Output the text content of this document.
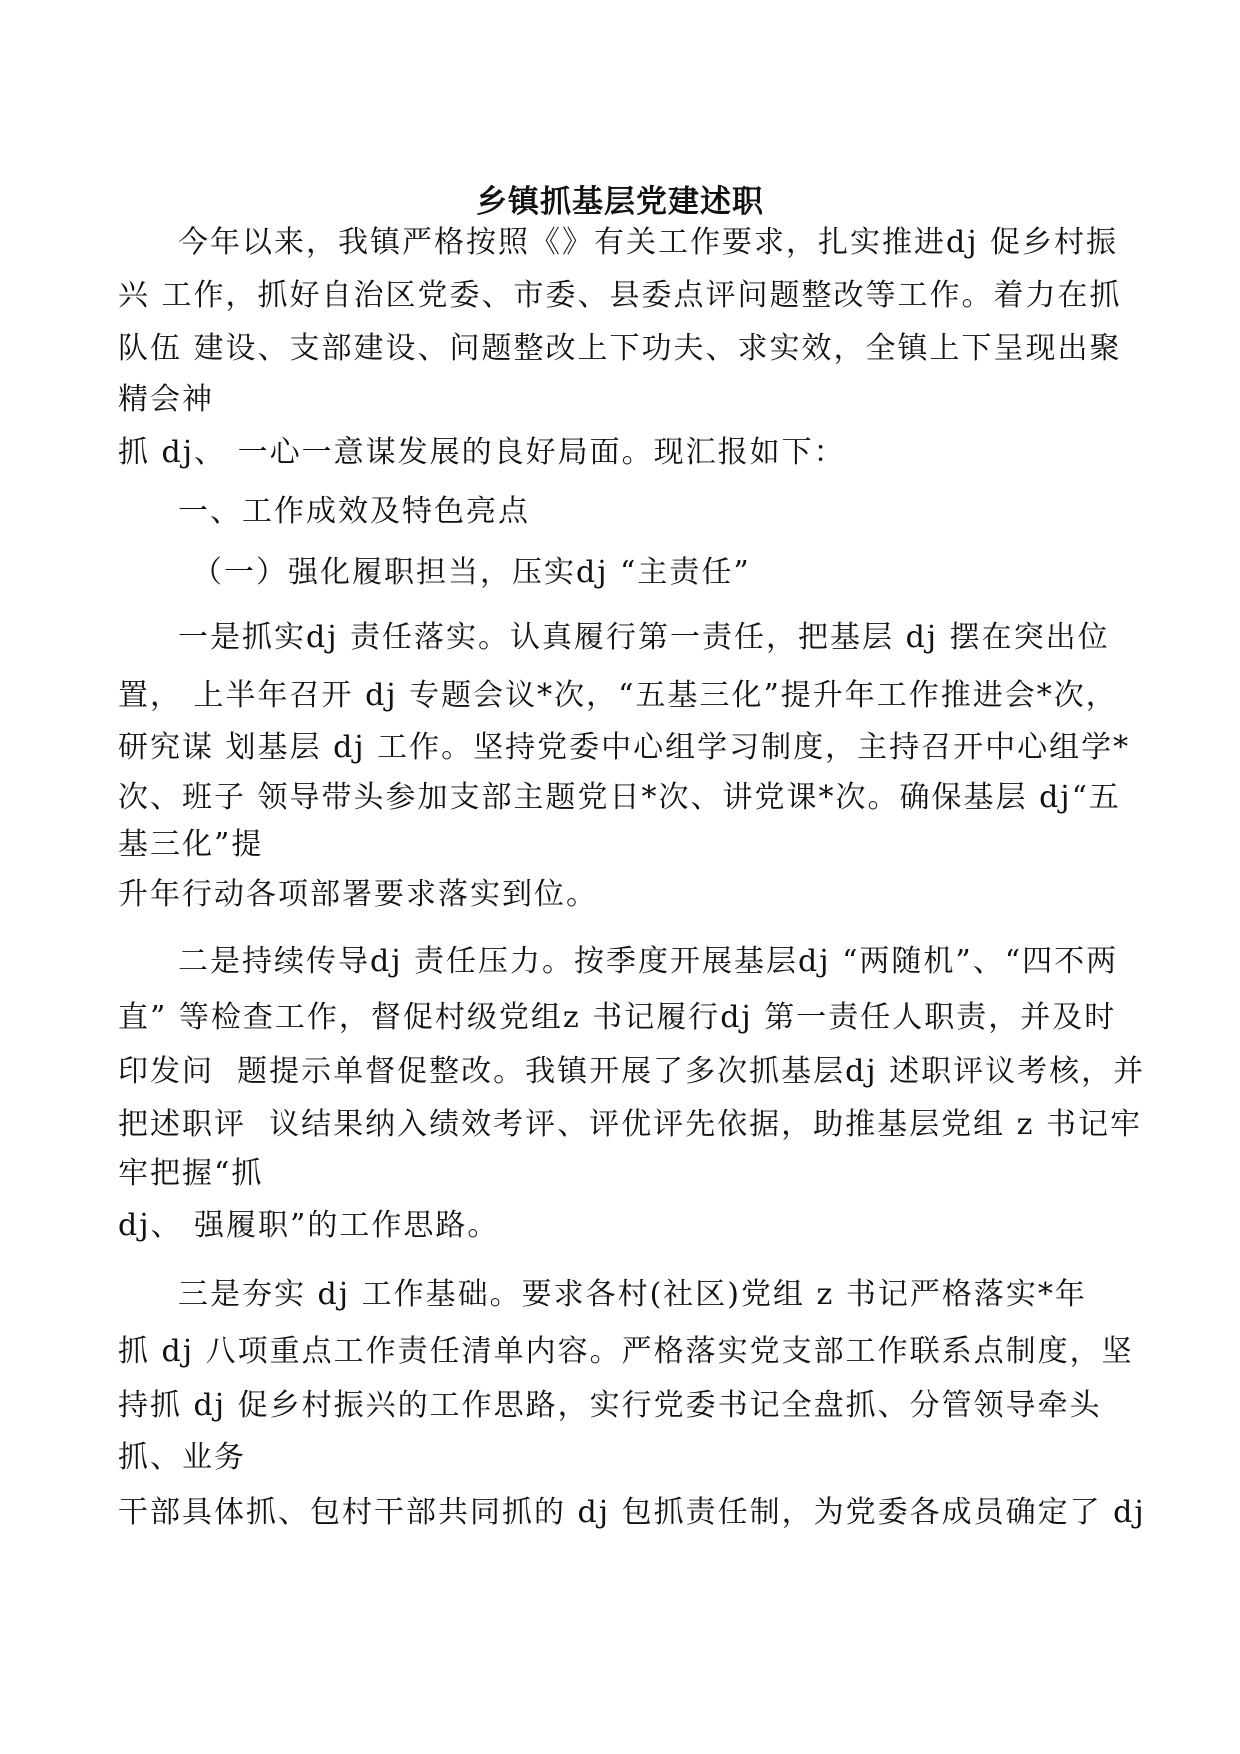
乡镇抓基层党建述职
今年以来，我镇严格按照《》有关工作要求，扎实推进dj 促乡村振
兴 工作，抓好自治区党委、市委、县委点评问题整改等工作。着力在抓
队伍 建设、支部建设、问题整改上下功夫、求实效，全镇上下呈现出聚
精会神
抓 dj、 一心一意谋发展的良好局面。现汇报如下：
一、工作成效及特色亮点
（一）强化履职担当，压实dj “主责任”
一是抓实dj 责任落实。认真履行第一责任，把基层 dj 摆在突出位
置， 上半年召开 dj 专题会议*次，“五基三化”提升年工作推进会*次，
研究谋 划基层 dj 工作。坚持党委中心组学习制度，主持召开中心组学*
次、班子 领导带头参加支部主题党日*次、讲党课*次。确保基层 dj“五
基三化”提
升年行动各项部署要求落实到位。
二是持续传导dj 责任压力。按季度开展基层dj “两随机”、“四不两
直” 等检查工作，督促村级党组z 书记履行dj 第一责任人职责，并及时
印发问  题提示单督促整改。我镇开展了多次抓基层dj 述职评议考核，并
把述职评  议结果纳入绩效考评、评优评先依据，助推基层党组 z 书记牢
牢把握“抓
dj、 强履职”的工作思路。
三是夯实 dj 工作基础。要求各村(社区)党组 z 书记严格落实*年
抓 dj 八项重点工作责任清单内容。严格落实党支部工作联系点制度，坚
持抓 dj 促乡村振兴的工作思路，实行党委书记全盘抓、分管领导牵头
抓、业务
干部具体抓、包村干部共同抓的 dj 包抓责任制，为党委各成员确定了 dj
